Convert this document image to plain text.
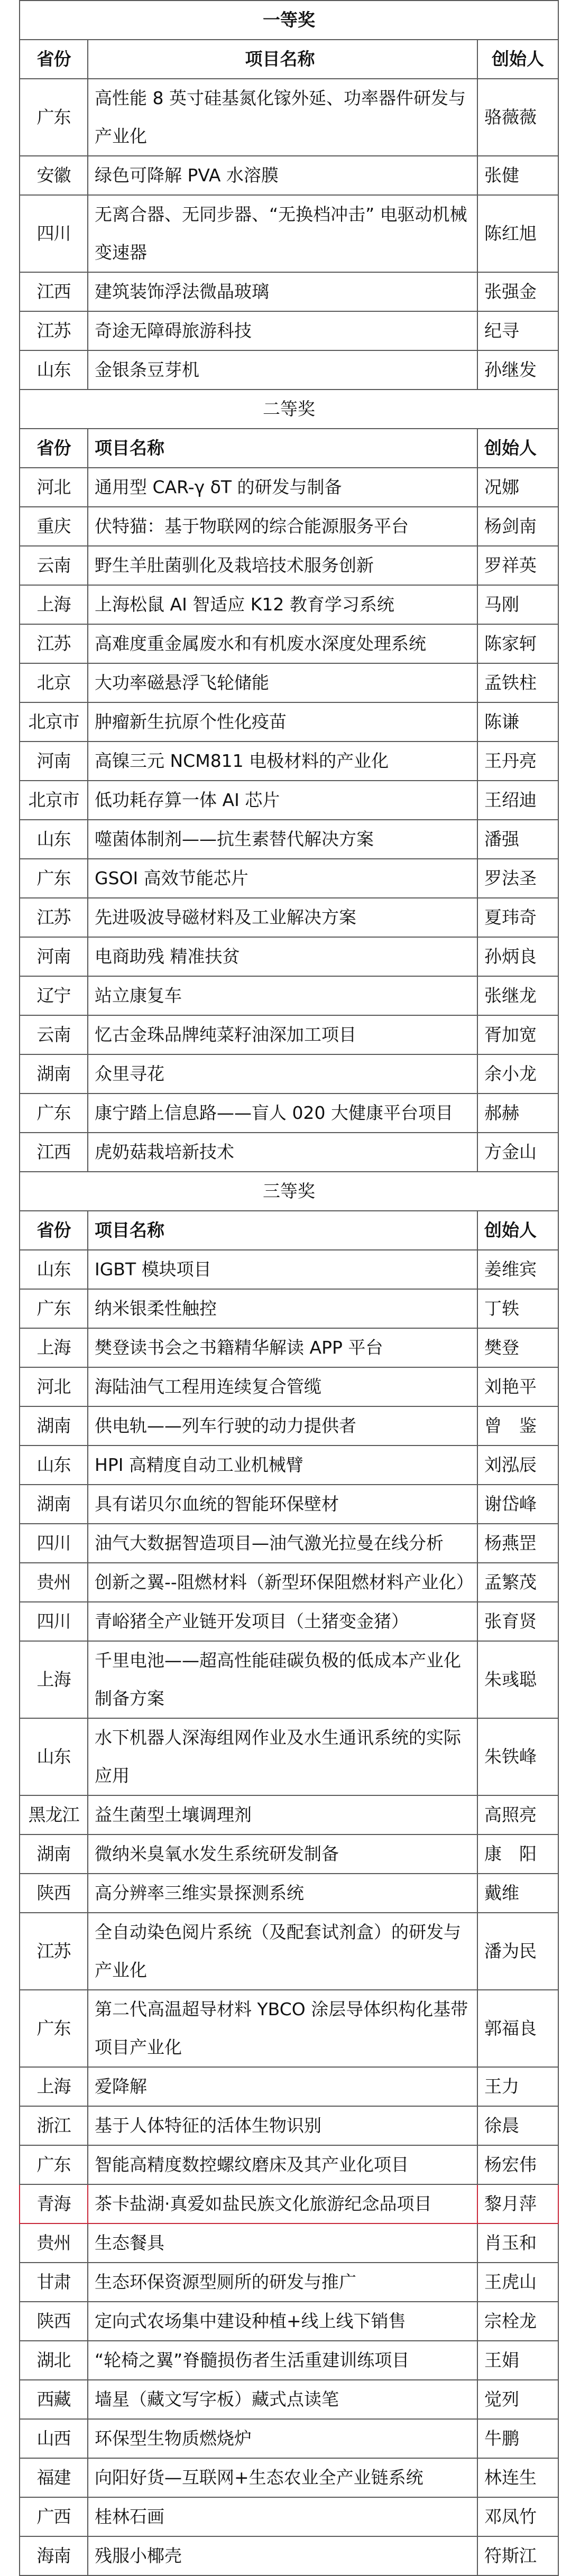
一等奖		
省份	项目名称	创始人
广东	高性能 8 英寸硅基氮化镓外延、功率器件研发与产业化	骆薇薇
安徽	绿色可降解 PVA 水溶膜	张健
四川	无离合器、无同步器、“无换档冲击” 电驱动机械变速器	陈红旭
江西	建筑装饰浮法微晶玻璃	张强金
江苏	奇途无障碍旅游科技	纪寻
山东	金银条豆芽机	孙继发
二等奖		
省份	项目名称	创始人
河北	通用型 CAR-γ δT 的研发与制备	况娜
重庆	伏特猫：基于物联网的综合能源服务平台	杨剑南
云南	野生羊肚菌驯化及栽培技术服务创新	罗祥英
上海	上海松鼠 AI 智适应 K12 教育学习系统	马刚
江苏	高难度重金属废水和有机废水深度处理系统	陈家轲
北京	大功率磁悬浮飞轮储能	孟铁柱
北京市	肿瘤新生抗原个性化疫苗	陈谦
河南	高镍三元 NCM811 电极材料的产业化	王丹亮
北京市	低功耗存算一体 AI 芯片	王绍迪
山东	噬菌体制剂——抗生素替代解决方案	潘强
广东	GSOI 高效节能芯片	罗法圣
江苏	先进吸波导磁材料及工业解决方案	夏玮奇
河南	电商助残 精准扶贫	孙炳良
辽宁	站立康复车	张继龙
云南	忆古金珠品牌纯菜籽油深加工项目	胥加宽
湖南	众里寻花	余小龙
广东	康宁踏上信息路——盲人 020 大健康平台项目	郝赫
江西	虎奶菇栽培新技术	方金山
三等奖		
省份	项目名称	创始人
山东	IGBT 模块项目	姜维宾
广东	纳米银柔性触控	丁轶
上海	樊登读书会之书籍精华解读 APP 平台	樊登
河北	海陆油气工程用连续复合管缆	刘艳平
湖南	供电轨——列车行驶的动力提供者	曾　鉴
山东	HPI 高精度自动工业机械臂	刘泓辰
湖南	具有诺贝尔血统的智能环保壁材	谢岱峰
四川	油气大数据智造项目—油气激光拉曼在线分析	杨燕罡
贵州	创新之翼--阻燃材料（新型环保阻燃材料产业化）	孟繁茂
四川	青峪猪全产业链开发项目（土猪变金猪）	张育贤
上海	千里电池——超高性能硅碳负极的低成本产业化制备方案	朱彧聪
山东	水下机器人深海组网作业及水生通讯系统的实际应用	朱铁峰
黑龙江	益生菌型土壤调理剂	高照亮
湖南	微纳米臭氧水发生系统研发制备	康　阳
陕西	高分辨率三维实景探测系统	戴维
江苏	全自动染色阅片系统（及配套试剂盒）的研发与产业化	潘为民
广东	第二代高温超导材料 YBCO 涂层导体织构化基带项目产业化	郭福良
上海	爱降解	王力
浙江	基于人体特征的活体生物识别	徐晨
广东	智能高精度数控螺纹磨床及其产业化项目	杨宏伟
青海	茶卡盐湖·真爱如盐民族文化旅游纪念品项目	黎月萍
贵州	生态餐具	肖玉和
甘肃	生态环保资源型厕所的研发与推广	王虎山
陕西	定向式农场集中建设种植+线上线下销售	宗栓龙
湖北	“轮椅之翼”脊髓损伤者生活重建训练项目	王娟
西藏	墙星（藏文写字板）藏式点读笔	觉列
山西	环保型生物质燃烧炉	牛鹏
福建	向阳好货—互联网+生态农业全产业链系统	林连生
广西	桂林石画	邓凤竹
海南	残服小椰壳	符斯江
